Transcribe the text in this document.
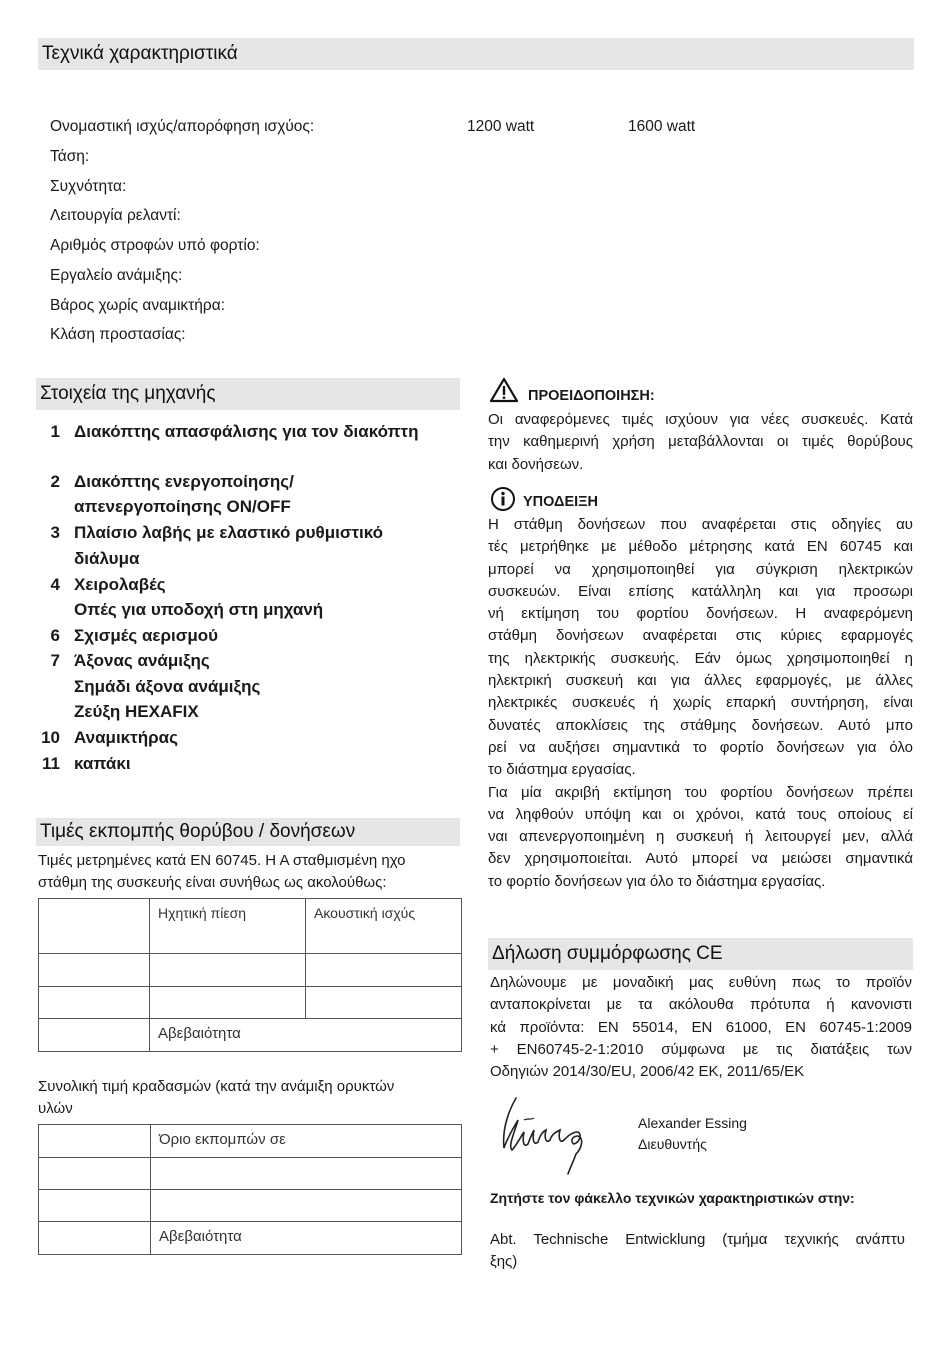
Τεχνικά χαρακτηριστικά
Ονομαστική ισχύς/απορόφηση ισχύος:	1200 watt	1600 watt
Τάση:
Συχνότητα:
Λειτουργία ρελαντί:
Αριθμός στροφών υπό φορτίο:
Εργαλείο ανάμιξης:
Βάρος χωρίς αναμικτήρα:
Κλάση προστασίας:
Στοιχεία της μηχανής
1 Διακόπτης απασφάλισης για τον διακόπτη
2 Διακόπτης ενεργοποίησης/
απενεργοποίησης ON/OFF
3 Πλαίσιο λαβής με ελαστικό ρυθμιστικό
διάλυμα
4 Χειρολαβές
Οπές για υποδοχή στη μηχανή
6 Σχισμές αερισμού
7 Άξονας ανάμιξης
Σημάδι άξονα ανάμιξης
Ζεύξη HEXAFIX
10 Αναμικτήρας
11 καπάκι
Τιμές εκπομπής θορύβου / δονήσεων
Τιμές μετρημένες κατά EN 60745. Η Α σταθμισμένη ηχο
στάθμη της συσκευής είναι συνήθως ως ακολούθως:

	Ηχητική πίεση	Ακουστική ισχύς

	Αβεβαιότητα	
Συνολική τιμή κραδασμών (κατά την ανάμιξη ορυκτών
υλών

	Όριο εκπομπών σε

	Αβεβαιότητα
ΠΡΟΕΙΔΟΠΟΙΗΣΗ:
Οι αναφερόμενες τιμές ισχύουν για νέες συσκευές. Κατά
την καθημερινή χρήση μεταβάλλονται οι τιμές θορύβους
και δονήσεων.
ΥΠΟΔΕΙΞΗ
Η στάθμη δονήσεων που αναφέρεται στις οδηγίες αυ
τές μετρήθηκε με μέθοδο μέτρησης κατά EN 60745 και
μπορεί να χρησιμοποιηθεί για σύγκριση ηλεκτρικών
συσκευών. Είναι επίσης κατάλληλη και για προσωρι
νή εκτίμηση του φορτίου δονήσεων. Η αναφερόμενη
στάθμη δονήσεων αναφέρεται στις κύριες εφαρμογές
της ηλεκτρικής συσκευής. Εάν όμως χρησιμοποιηθεί η
ηλεκτρική συσκευή και για άλλες εφαρμογές, με άλλες
ηλεκτρικές συσκευές ή χωρίς επαρκή συντήρηση, είναι
δυνατές αποκλίσεις της στάθμης δονήσεων. Αυτό μπο
ρεί να αυξήσει σημαντικά το φορτίο δονήσεων για όλο
το διάστημα εργασίας.
Για μία ακριβή εκτίμηση του φορτίου δονήσεων πρέπει
να ληφθούν υπόψη και οι χρόνοι, κατά τους οποίους εί
ναι απενεργοποιημένη η συσκευή ή λειτουργεί μεν, αλλά
δεν χρησιμοποιείται. Αυτό μπορεί να μειώσει σημαντικά
το φορτίο δονήσεων για όλο το διάστημα εργασίας.
Δήλωση συμμόρφωσης CE
Δηλώνουμε με μοναδική μας ευθύνη πως το προϊόν
ανταποκρίνεται με τα ακόλουθα πρότυπα ή κανονιστι
κά προϊόντα: EN 55014, EN 61000, EN 60745-1:2009
+ EN60745-2-1:2010 σύμφωνα με τις διατάξεις των
Οδηγιών 2014/30/EU, 2006/42 EK, 2011/65/EK
Alexander Essing
Διευθυντής
Ζητήστε τον φάκελλο τεχνικών χαρακτηριστικών στην:
Abt. Technische Entwicklung (τμήμα τεχνικής ανάπτυ
ξης)
